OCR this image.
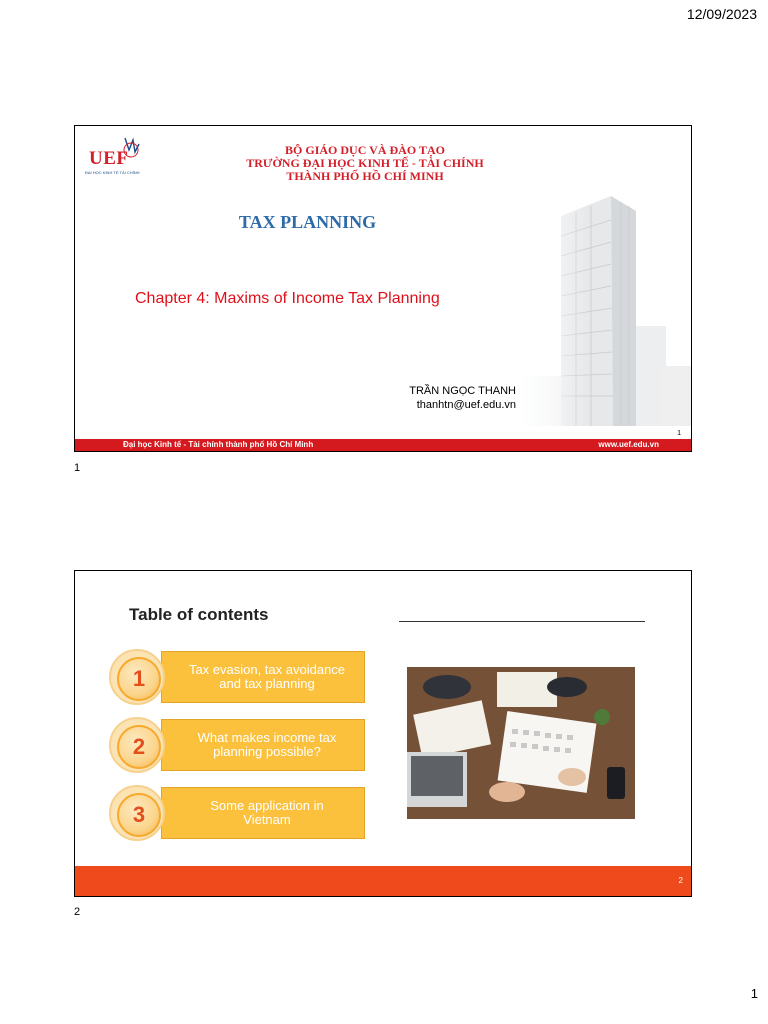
12/09/2023
UEF
ĐẠI HỌC KINH TẾ TÀI CHÍNH
BỘ GIÁO DỤC VÀ ĐÀO TẠO
TRƯỜNG ĐẠI HỌC KINH TẾ - TÀI CHÍNH
THÀNH PHỐ HỒ CHÍ MINH
TAX PLANNING
Chapter 4: Maxims of Income Tax Planning
TRẦN NGỌC THANH
thanhtn@uef.edu.vn
1
Đại học Kinh tế - Tài chính thành phố Hồ Chí Minh	www.uef.edu.vn
1
Table of contents
Tax evasion, tax avoidance and tax planning
1
What makes income tax planning possible?
2
Some application in Vietnam
3
2
2
1
